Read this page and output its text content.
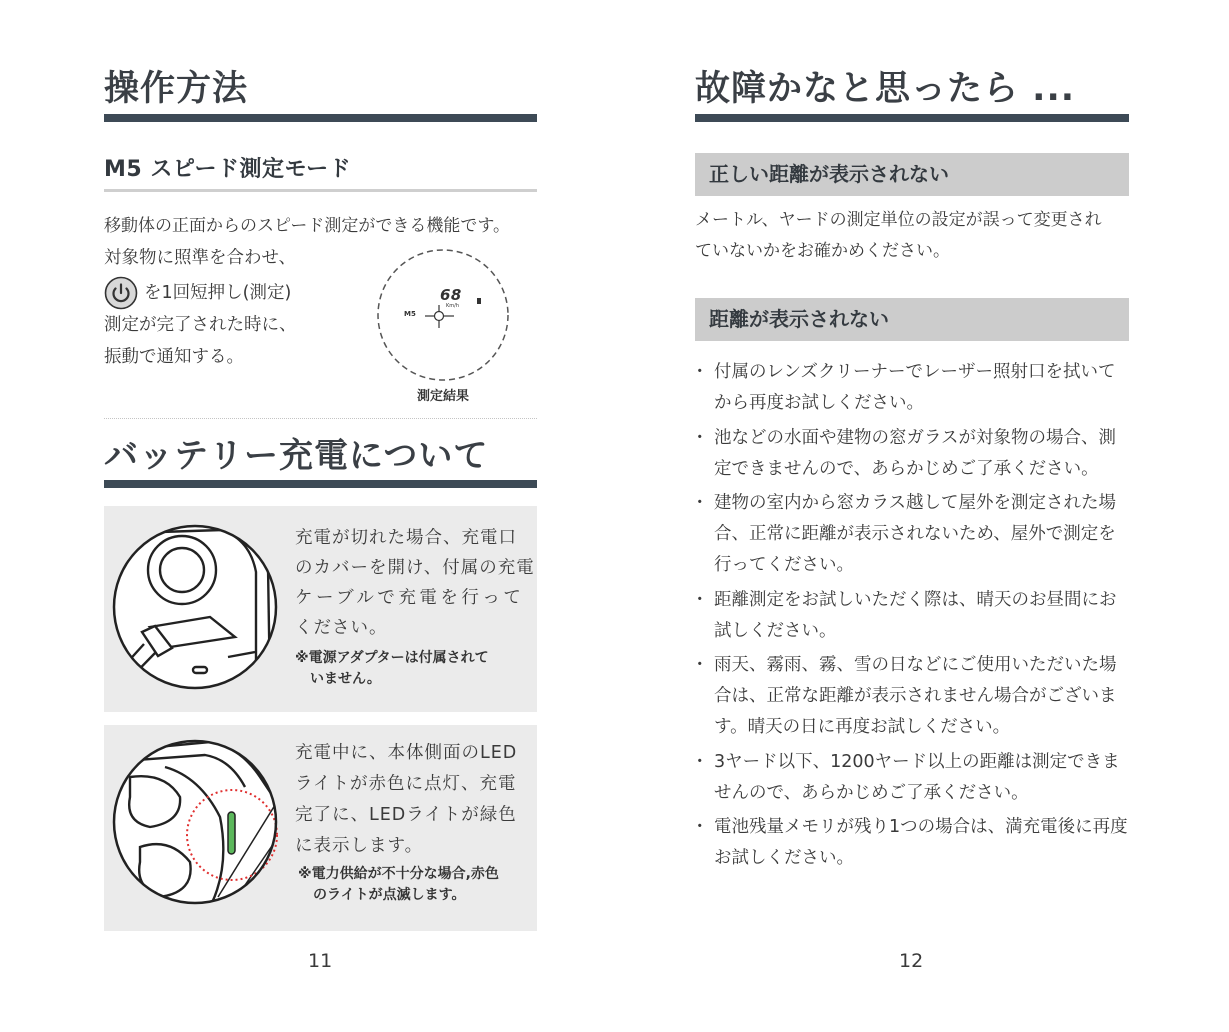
操作方法
M5 スピード測定モード
移動体の正面からのスピード測定ができる機能です。
対象物に照準を合わせ、
を1回短押し(測定)
測定が完了された時に、
振動で通知する。
68
Km/h
M5
測定結果
バッテリー充電について
充電が切れた場合、充電口
のカバーを開け、付属の充電
ケーブルで充電を行って
ください。
※電源アダプターは付属されて
いません。
充電中に、本体側面のLED
ライトが赤色に点灯、充電
完了に、LEDライトが緑色
に表示します。
※電力供給が不十分な場合,赤色
のライトが点滅します。
11
故障かなと思ったら ...
正しい距離が表示されない
メートル、ヤードの測定単位の設定が誤って変更され
ていないかをお確かめください。
距離が表示されない
・ 付属のレンズクリーナーでレーザー照射口を拭いてから再度お試しください。
・ 池などの水面や建物の窓ガラスが対象物の場合、測定できませんので、あらかじめご了承ください。
・ 建物の室内から窓カラス越して屋外を測定された場合、正常に距離が表示されないため、屋外で測定を行ってください。
・ 距離測定をお試しいただく際は、晴天のお昼間にお試しください。
・ 雨天、霧雨、霧、雪の日などにご使用いただいた場合は、正常な距離が表示されません場合がございます。晴天の日に再度お試しください。
・ 3ヤード以下、1200ヤード以上の距離は測定できませんので、あらかじめご了承ください。
・ 電池残量メモリが残り1つの場合は、満充電後に再度お試しください。
12
